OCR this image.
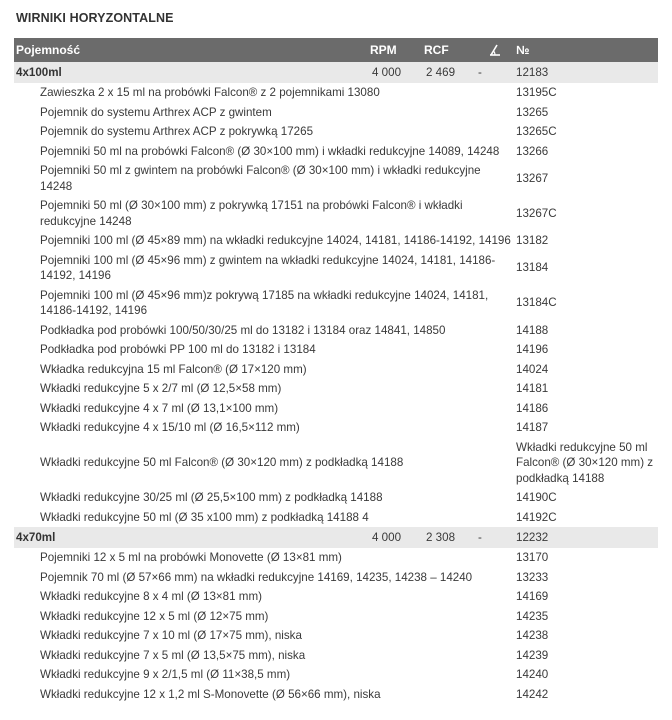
WIRNIKI HORYZONTALNE
Pojemność	RPM	RCF		№
4x100ml	4 000	2 469	-	12183
Zawieszka 2 x 15 ml na probówki Falcon® z 2 pojemnikami 13080				13195C
Pojemnik do systemu Arthrex ACP z gwintem				13265
Pojemnik do systemu Arthrex ACP z pokrywką 17265				13265C
Pojemniki 50 ml na probówki Falcon® (Ø 30×100 mm) i wkładki redukcyjne 14089, 14248				13266
Pojemniki 50 ml z gwintem na probówki Falcon® (Ø 30×100 mm) i wkładki redukcyjne 14248				13267
Pojemniki 50 ml (Ø 30×100 mm) z pokrywką 17151 na probówki Falcon® i wkładki redukcyjne 14248				13267C
Pojemniki 100 ml (Ø 45×89 mm) na wkładki redukcyjne 14024, 14181, 14186-14192, 14196				13182
Pojemniki 100 ml (Ø 45×96 mm) z gwintem na wkładki redukcyjne 14024, 14181, 14186-14192, 14196				13184
Pojemniki 100 ml (Ø 45×96 mm)z pokrywą 17185 na wkładki redukcyjne 14024, 14181, 14186-14192, 14196				13184C
Podkładka pod probówki 100/50/30/25 ml do 13182 i 13184 oraz 14841, 14850				14188
Podkładka pod probówki PP 100 ml do 13182 i 13184				14196
Wkładka redukcyjna 15 ml Falcon® (Ø 17×120 mm)				14024
Wkładki redukcyjne 5 x 2/7 ml (Ø 12,5×58 mm)				14181
Wkładki redukcyjne 4 x 7 ml (Ø 13,1×100 mm)				14186
Wkładki redukcyjne 4 x 15/10 ml (Ø 16,5×112 mm)				14187
Wkładki redukcyjne 50 ml Falcon® (Ø 30×120 mm) z podkładką 14188				Wkładki redukcyjne 50 ml Falcon® (Ø 30×120 mm) z podkładką 14188
Wkładki redukcyjne 30/25 ml (Ø 25,5×100 mm) z podkładką 14188				14190C
Wkładki redukcyjne 50 ml (Ø 35 x100 mm) z podkładką 14188 4				14192C
4x70ml	4 000	2 308	-	12232
Pojemniki 12 x 5 ml na probówki Monovette (Ø 13×81 mm)				13170
Pojemnik 70 ml (Ø 57×66 mm) na wkładki redukcyjne 14169, 14235, 14238 – 14240				13233
Wkładki redukcyjne 8 x 4 ml (Ø 13×81 mm)				14169
Wkładki redukcyjne 12 x 5 ml (Ø 12×75 mm)				14235
Wkładki redukcyjne 7 x 10 ml (Ø 17×75 mm), niska				14238
Wkładki redukcyjne 7 x 5 ml (Ø 13,5×75 mm), niska				14239
Wkładki redukcyjne 9 x 2/1,5 ml (Ø 11×38,5 mm)				14240
Wkładki redukcyjne 12 x 1,2 ml S-Monovette (Ø 56×66 mm), niska				14242
